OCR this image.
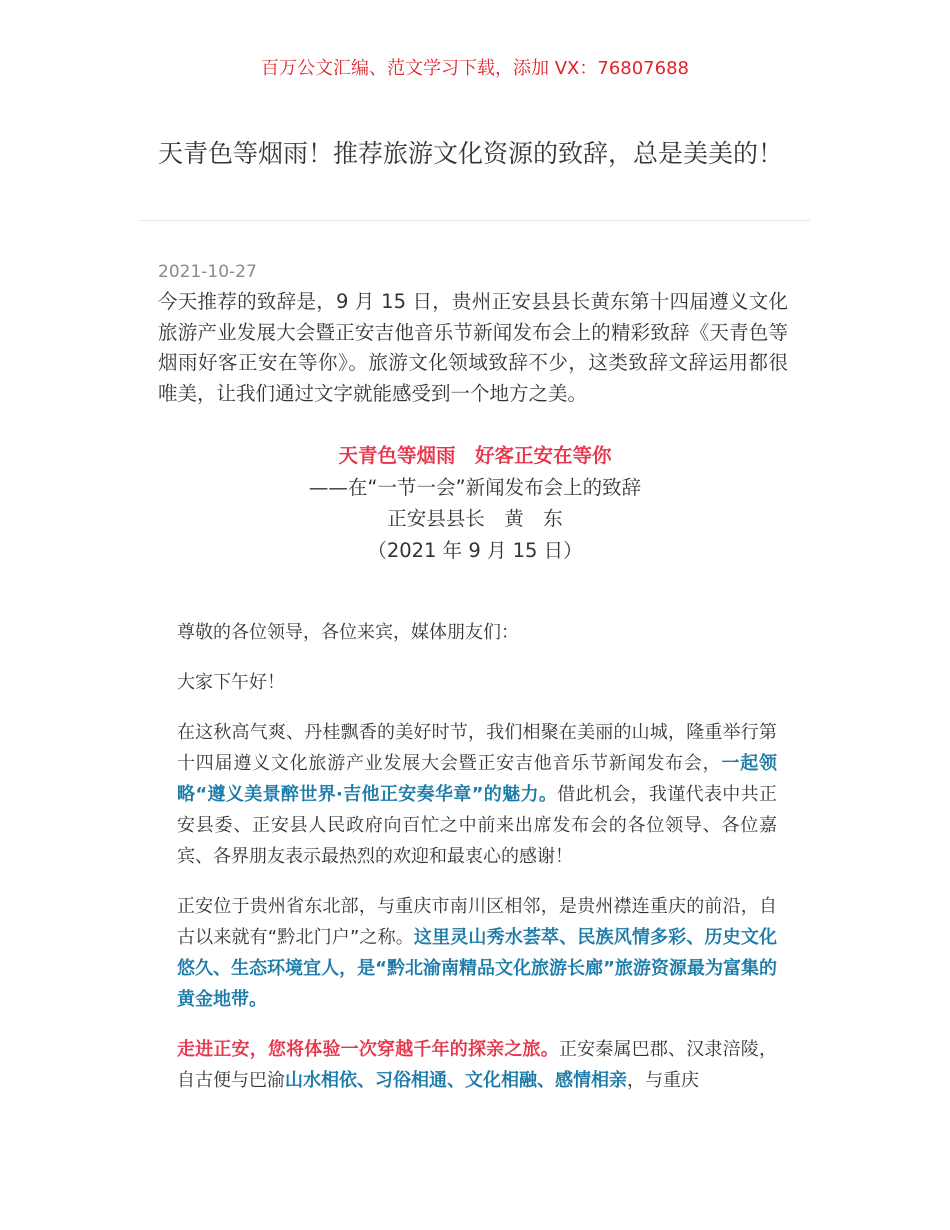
百万公文汇编、范文学习下载，添加 VX：76807688
天青色等烟雨！推荐旅游文化资源的致辞，总是美美的！
2021-10-27

今天推荐的致辞是，9 月 15 日，贵州正安县县长黄东第十四届遵义文化旅游产业发展大会暨正安吉他音乐节新闻发布会上的精彩致辞《天青色等烟雨好客正安在等你》。旅游文化领域致辞不少，这类致辞文辞运用都很唯美，让我们通过文字就能感受到一个地方之美。

天青色等烟雨　好客正安在等你
——在“一节一会”新闻发布会上的致辞
正安县县长　黄　东
（2021 年 9 月 15 日）

尊敬的各位领导，各位来宾，媒体朋友们：

大家下午好！

在这秋高气爽、丹桂飘香的美好时节，我们相聚在美丽的山城，隆重举行第十四届遵义文化旅游产业发展大会暨正安吉他音乐节新闻发布会，一起领略“遵义美景醉世界·吉他正安奏华章”的魅力。借此机会，我谨代表中共正安县委、正安县人民政府向百忙之中前来出席发布会的各位领导、各位嘉宾、各界朋友表示最热烈的欢迎和最衷心的感谢！

正安位于贵州省东北部，与重庆市南川区相邻，是贵州襟连重庆的前沿，自古以来就有“黔北门户”之称。这里灵山秀水荟萃、民族风情多彩、历史文化悠久、生态环境宜人，是“黔北渝南精品文化旅游长廊”旅游资源最为富集的黄金地带。

走进正安，您将体验一次穿越千年的探亲之旅。正安秦属巴郡、汉隶涪陵，自古便与巴渝山水相依、习俗相通、文化相融、感情相亲，与重庆
